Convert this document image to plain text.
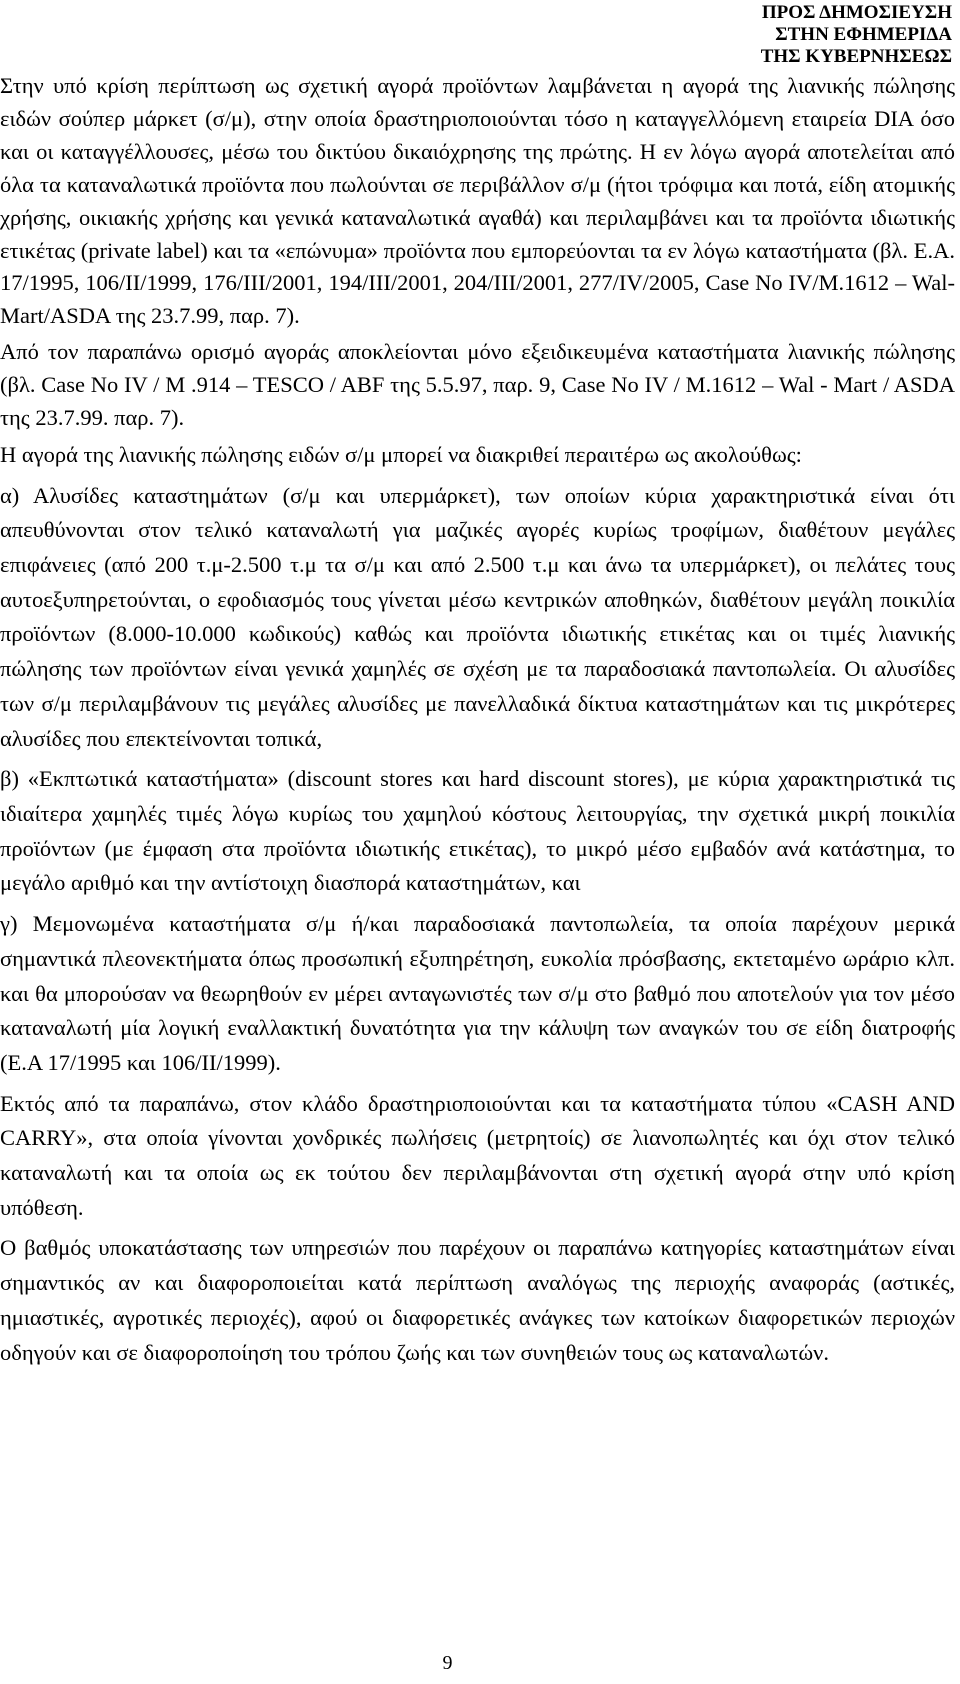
ΠΡΟΣ ΔΗΜΟΣΙΕΥΣΗ
ΣΤΗΝ ΕΦΗΜΕΡΙΔΑ
ΤΗΣ ΚΥΒΕΡΝΗΣΕΩΣ

Στην υπό κρίση περίπτωση ως σχετική αγορά προϊόντων λαμβάνεται η αγορά της λιανικής πώλησης ειδών σούπερ μάρκετ (σ/μ), στην οποία δραστηριοποιούνται τόσο η καταγγελλόμενη εταιρεία DIA όσο και οι καταγγέλλουσες, μέσω του δικτύου δικαιόχρησης της πρώτης. Η εν λόγω αγορά αποτελείται από όλα τα καταναλωτικά προϊόντα που πωλούνται σε περιβάλλον σ/μ (ήτοι τρόφιμα και ποτά, είδη ατομικής χρήσης, οικιακής χρήσης και γενικά καταναλωτικά αγαθά) και περιλαμβάνει και τα προϊόντα ιδιωτικής ετικέτας (private label) και τα «επώνυμα» προϊόντα που εμπορεύονται τα εν λόγω καταστήματα (βλ. Ε.Α. 17/1995, 106/ΙΙ/1999, 176/ΙΙΙ/2001, 194/ΙΙΙ/2001, 204/ΙΙΙ/2001, 277/IV/2005, Case No IV/M.1612 – Wal-Mart/ASDA της 23.7.99, παρ. 7).

Από τον παραπάνω ορισμό αγοράς αποκλείονται μόνο εξειδικευμένα καταστήματα λιανικής πώλησης (βλ. Case No IV / M .914 – TESCO / ABF της 5.5.97, παρ. 9, Case No IV / M.1612 – Wal - Mart / ASDA της 23.7.99. παρ. 7).

Η αγορά της λιανικής πώλησης ειδών σ/μ μπορεί να διακριθεί περαιτέρω ως ακολούθως:

α) Αλυσίδες καταστημάτων (σ/μ και υπερμάρκετ), των οποίων κύρια χαρακτηριστικά είναι ότι απευθύνονται στον τελικό καταναλωτή για μαζικές αγορές κυρίως τροφίμων, διαθέτουν μεγάλες επιφάνειες (από 200 τ.μ-2.500 τ.μ τα σ/μ και από 2.500 τ.μ και άνω τα υπερμάρκετ), οι πελάτες τους αυτοεξυπηρετούνται, ο εφοδιασμός τους γίνεται μέσω κεντρικών αποθηκών, διαθέτουν μεγάλη ποικιλία προϊόντων (8.000-10.000 κωδικούς) καθώς και προϊόντα ιδιωτικής ετικέτας και οι τιμές λιανικής πώλησης των προϊόντων είναι γενικά χαμηλές σε σχέση με τα παραδοσιακά παντοπωλεία. Οι αλυσίδες των σ/μ περιλαμβάνουν τις μεγάλες αλυσίδες με πανελλαδικά δίκτυα καταστημάτων και τις μικρότερες αλυσίδες που επεκτείνονται τοπικά,

β) «Εκπτωτικά καταστήματα» (discount stores και hard discount stores), με κύρια χαρακτηριστικά τις ιδιαίτερα χαμηλές τιμές λόγω κυρίως του χαμηλού κόστους λειτουργίας, την σχετικά μικρή ποικιλία προϊόντων (με έμφαση στα προϊόντα ιδιωτικής ετικέτας), το μικρό μέσο εμβαδόν ανά κατάστημα, το μεγάλο αριθμό και την αντίστοιχη διασπορά καταστημάτων, και

γ) Μεμονωμένα καταστήματα σ/μ ή/και παραδοσιακά παντοπωλεία, τα οποία παρέχουν μερικά σημαντικά πλεονεκτήματα όπως προσωπική εξυπηρέτηση, ευκολία πρόσβασης, εκτεταμένο ωράριο κλπ. και θα μπορούσαν να θεωρηθούν εν μέρει ανταγωνιστές των σ/μ στο βαθμό που αποτελούν για τον μέσο καταναλωτή μία λογική εναλλακτική δυνατότητα για την κάλυψη των αναγκών του σε είδη διατροφής (Ε.Α 17/1995 και 106/ΙΙ/1999).

Εκτός από τα παραπάνω, στον κλάδο δραστηριοποιούνται και τα καταστήματα τύπου «CASH AND CARRY», στα οποία γίνονται χονδρικές πωλήσεις (μετρητοίς) σε λιανοπωλητές και όχι στον τελικό καταναλωτή και τα οποία ως εκ τούτου δεν περιλαμβάνονται στη σχετική αγορά στην υπό κρίση υπόθεση.

Ο βαθμός υποκατάστασης των υπηρεσιών που παρέχουν οι παραπάνω κατηγορίες καταστημάτων είναι σημαντικός αν και διαφοροποιείται κατά περίπτωση αναλόγως της περιοχής αναφοράς (αστικές, ημιαστικές, αγροτικές περιοχές), αφού οι διαφορετικές ανάγκες των κατοίκων διαφορετικών περιοχών οδηγούν και σε διαφοροποίηση του τρόπου ζωής και των συνηθειών τους ως καταναλωτών.

9
